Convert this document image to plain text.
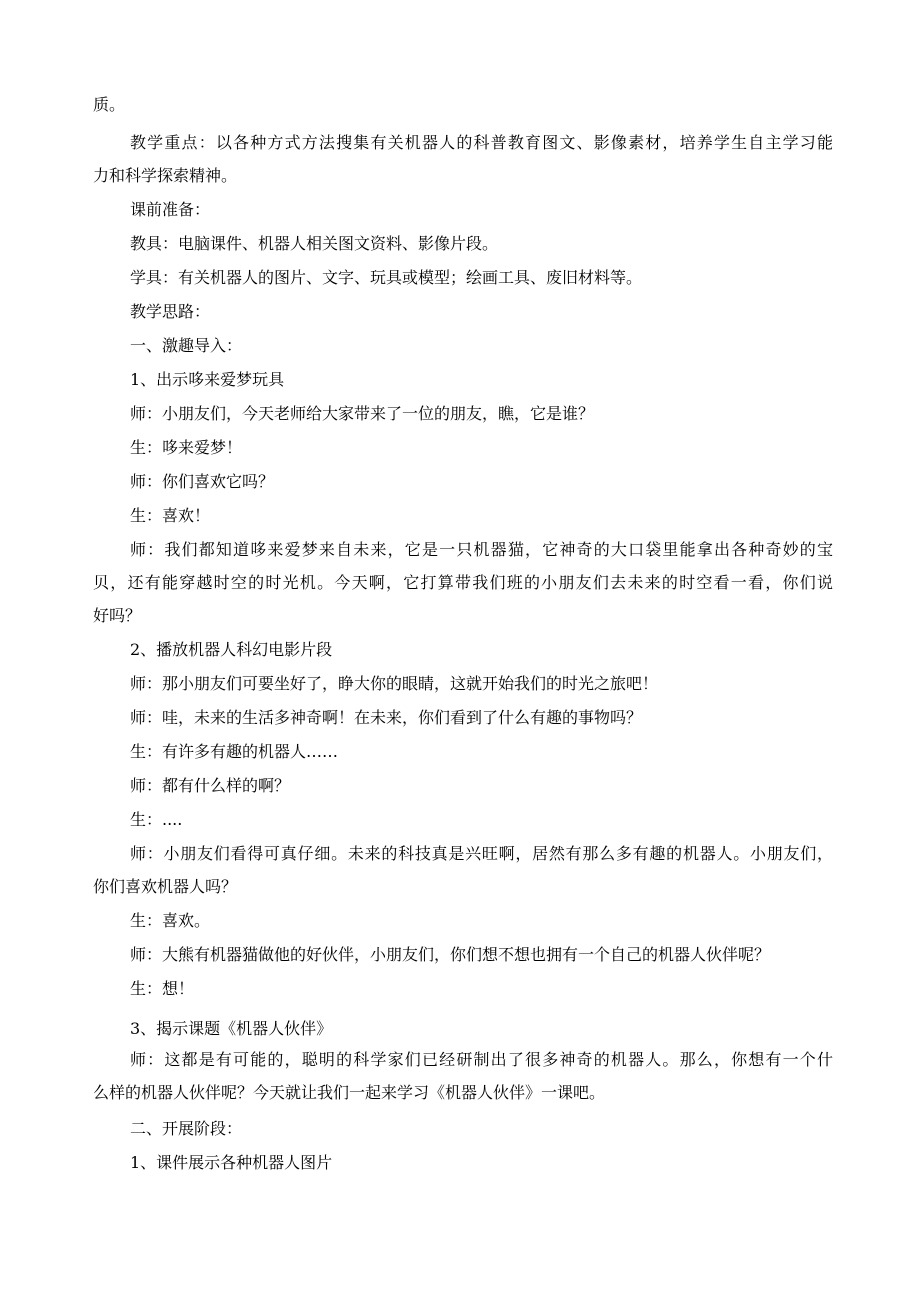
质。
教学重点：以各种方式方法搜集有关机器人的科普教育图文、影像素材，培养学生自主学习能
力和科学探索精神。
课前准备：
教具：电脑课件、机器人相关图文资料、影像片段。
学具：有关机器人的图片、文字、玩具或模型；绘画工具、废旧材料等。
教学思路：
一、激趣导入：
1、出示哆来爱梦玩具
师：小朋友们，今天老师给大家带来了一位的朋友，瞧，它是谁？
生：哆来爱梦！
师：你们喜欢它吗？
生：喜欢！
师：我们都知道哆来爱梦来自未来，它是一只机器猫，它神奇的大口袋里能拿出各种奇妙的宝
贝，还有能穿越时空的时光机。今天啊，它打算带我们班的小朋友们去未来的时空看一看，你们说
好吗？
2、播放机器人科幻电影片段
师：那小朋友们可要坐好了，睁大你的眼睛，这就开始我们的时光之旅吧！
师：哇，未来的生活多神奇啊！在未来，你们看到了什么有趣的事物吗？
生：有许多有趣的机器人……
师：都有什么样的啊？
生：....
师：小朋友们看得可真仔细。未来的科技真是兴旺啊，居然有那么多有趣的机器人。小朋友们，
你们喜欢机器人吗？
生：喜欢。
师：大熊有机器猫做他的好伙伴，小朋友们，你们想不想也拥有一个自己的机器人伙伴呢？
生：想！
3、揭示课题《机器人伙伴》
师：这都是有可能的，聪明的科学家们已经研制出了很多神奇的机器人。那么，你想有一个什
么样的机器人伙伴呢？今天就让我们一起来学习《机器人伙伴》一课吧。
二、开展阶段：
1、课件展示各种机器人图片
